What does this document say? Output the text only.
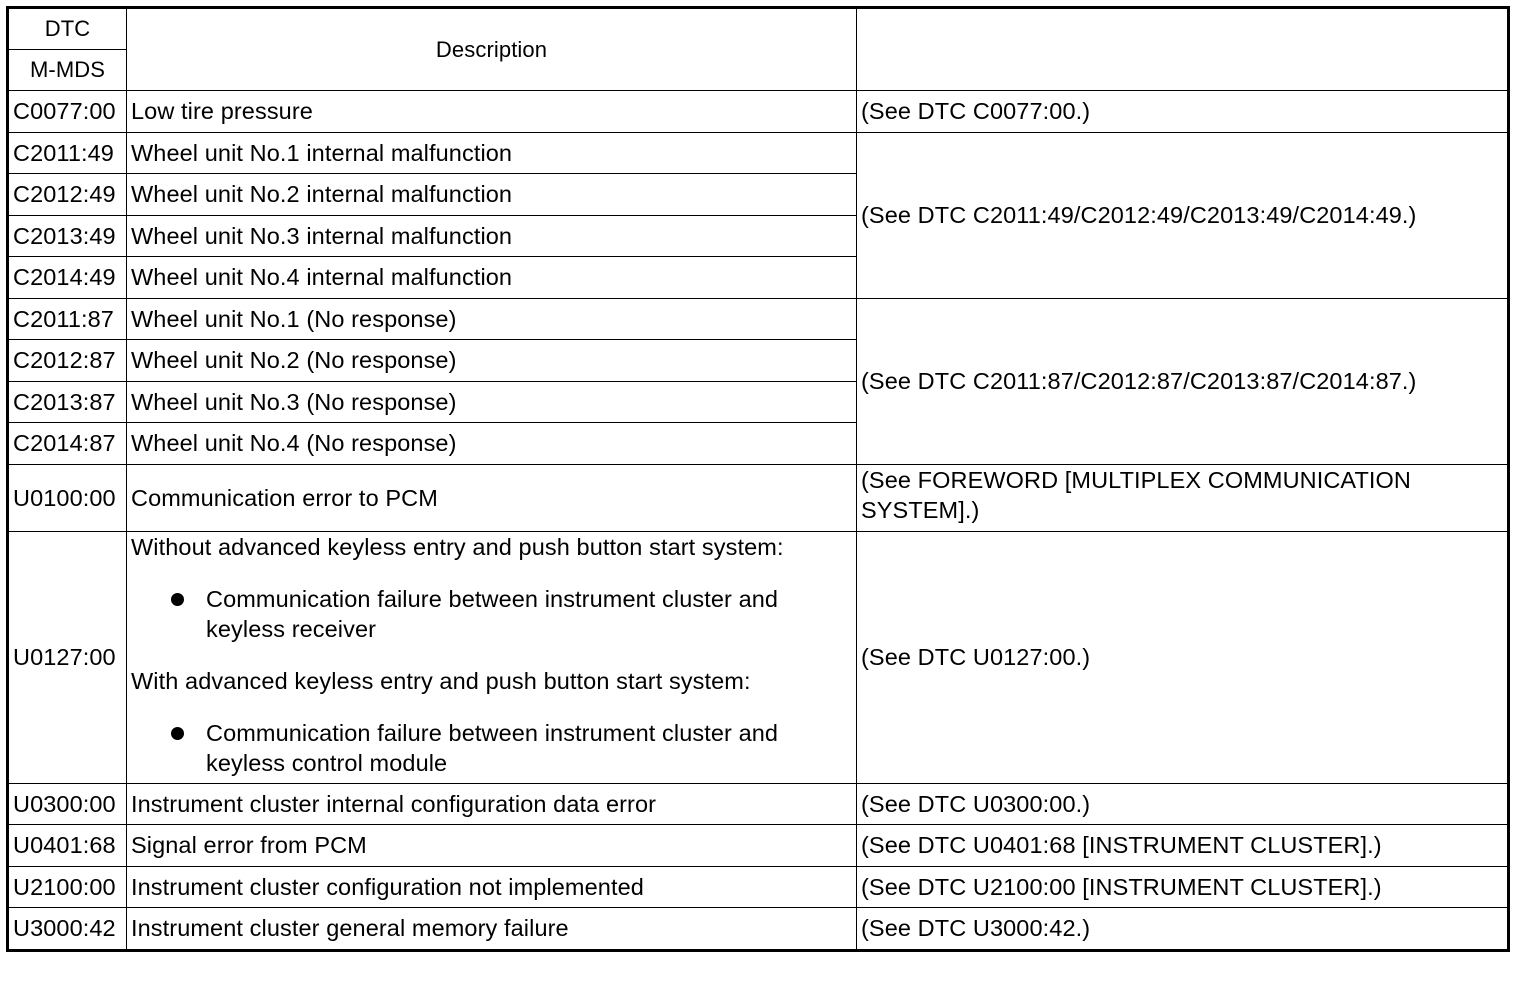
DTC	Description	
M-MDS		
C0077:00	Low tire pressure	(See DTC C0077:00.)
C2011:49	Wheel unit No.1 internal malfunction	(See DTC C2011:49/C2012:49/C2013:49/C2014:49.)
C2012:49	Wheel unit No.2 internal malfunction	
C2013:49	Wheel unit No.3 internal malfunction	
C2014:49	Wheel unit No.4 internal malfunction	
C2011:87	Wheel unit No.1 (No response)	(See DTC C2011:87/C2012:87/C2013:87/C2014:87.)
C2012:87	Wheel unit No.2 (No response)	
C2013:87	Wheel unit No.3 (No response)	
C2014:87	Wheel unit No.4 (No response)	
U0100:00	Communication error to PCM	(See FOREWORD [MULTIPLEX COMMUNICATION SYSTEM].)
U0127:00	Without advanced keyless entry and push button start system:

Communication failure between instrument cluster and keyless receiver

With advanced keyless entry and push button start system:

Communication failure between instrument cluster and keyless control module	(See DTC U0127:00.)
U0300:00	Instrument cluster internal configuration data error	(See DTC U0300:00.)
U0401:68	Signal error from PCM	(See DTC U0401:68 [INSTRUMENT CLUSTER].)
U2100:00	Instrument cluster configuration not implemented	(See DTC U2100:00 [INSTRUMENT CLUSTER].)
U3000:42	Instrument cluster general memory failure	(See DTC U3000:42.)
